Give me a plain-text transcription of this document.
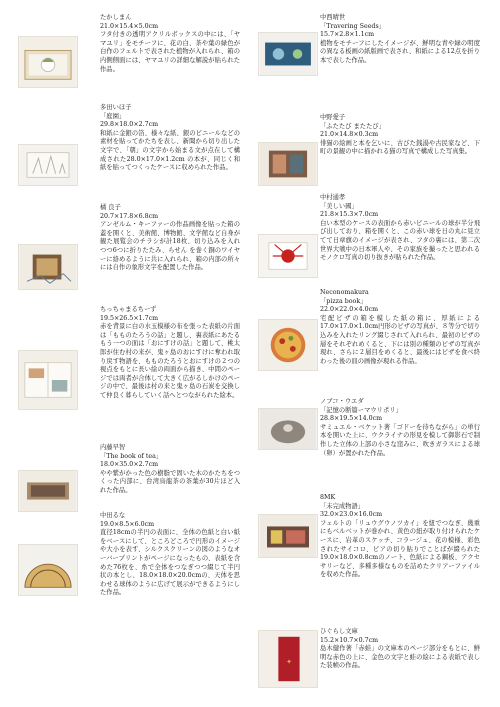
たかしまん
21.0×15.4×5.0cm
フタ付きの透明アクリルボックスの中には、「ヤマユリ」をモチーフに、花の白、茶や葉の緑色が白作のフェルトで表された植物が入れられ、箱の内側側面には、ヤマユリの詳細な解説が貼られた作品。
多田いほ子
「庭園」
29.8×18.0×2.7cm
和紙に金銀の箔、様々な紙、銀のビニールなどの素材を貼ってかたちを表し、新聞から切り出した文字で、「朝」の文字から始まる文が点在して構成された28.0×17.0×1.2cm の本が、同じく和紙を貼ってつくったケースに収められた作品。
橘 良子
20.7×17.8×6.8cm
アンゼルム・キーファーの作品画像を貼った箱の蓋を開くと、美術館、博物館、文学館など自身が観た展覧会のチラシが計18枚、切り込みを入れつつ6つに折りたたみ、らせん を巻く銅のワイヤーに絡めるように共に入れられ、箱の内部の所々には自作の象形文字を配置した作品。
ちっちゃまるちーず
19.5×26.5×1.7cm
赤を背景に白の水玉模様の布を張った表紙の片面は「もものたろうの話」と題し、裏表紙にあたるもう一つの面は「おにすけの話」と題して、桃太郎が住む村の来が、鬼ヶ島のおにすけに奪われ取り戻す物語を、もものたろうとおにすけの２つの視点をもとに長い絵の両面から描き、中間のページでは両者が合体して大きく広がるしかけのページの中で、最後は村の来と鬼ヶ島の石炭を交換して仲良く暮らしていく話へとつながられた絵本。
内藤早智
「The book of tea」
18.0×35.0×2.7cm
やや紫がかった色の樹脂で固いた木のかたちをつくった内部に、台湾烏龍茶の茶葉が30片ほど入れた作品。
中田るな
19.0×8.5×6.0cm
直径18cmの半円の表面に、全体の色紙と白い紙をベースにして、ところどころで円形のイメージや大小を表す、シルクスクリーンの図のようなオーバープリントがページになったもの、表紙を含めた76枚を、糸で全体をつなぎつつ綴じて半円状の本とし、18.0×18.0×20.0cmの、天体を思わせる球体のように広げて展示ができるようにした作品。
中西晴世
「Travering Seeds」
15.7×2.8×1.1cm
植物をモチーフにしたイメージが、鮮明な青や緑の明度の異なる板画の紙版画で表され、和紙による12点を折り本で表した作品。
中野愛子
「ふたたび またたび」
21.0×14.8×0.3cm
俳猫の絵画と本を乞いに、古びた銭湯や古民家など、下町の景観の中に描かれる猫の写真で構成した写真集。
中村通孝
「美しい國」
21.8×15.3×7.0cm
白い本型のケースの表面から赤いビニールの球が半分飛び出しており、箱を開くと、この赤い球を日の丸に見立てて日章旗のイメージが表され、フタの裏には、第二次世界大戦中の日本軍人や、その家族を撮ったと思われるモノクロ写真の切り抜きが貼られた作品。
Neconomakura
「pizza book」
22.0×22.0×4.0cm
宅配ピザの箱を模した紙の箱に、厚紙による17.0×17.0×1.0cm円形のピザの写真が、８等分で切り込みを入れたリング綴じされて入れられ、最初のピザの層をそれぞれめくると、下には別の種類のピザの写真が現れ、さらに２層目をめくると、最後にはピザを食べ終わった後の皿の画像が現れる作品。
ノブコ・ウエダ
「記憶の断篇ーマウリポリ」
28.8×19.5×14.0cm
サミュエル・ベケット著「ゴドーを待ちながら」の単行本を開いた上に、ウクライナの形見を模して御影石で制作した立体の上部の小さな窪みに、吹きガラスによる球（卵）が置かれた作品。
8MK
「未完成物語」
32.0×23.0×16.0cm
フェルトの「リュウグウノツカイ」を紐でつなぎ、幾重にもベルベットが巻かれ、黄色の紐が取り付けられたケースに、岩革のスケッチ、コラージュ、花の模様、彩色されたサイコロ、ピアの切り貼りでことばが綴られた19.0×18.0×0.8cmのノート、色紙による鋼板、アクセサリーなど、多種多様なものを詰めたクリアーファイルを収めた作品。
✦
ひぐらし文庫
15.2×10.7×0.7cm
島木健作著「赤蛙」の文庫本のページ部分をもとに、鮮明な赤色の上に、金色の文字と蛙の絵による表紙で表した装帧の作品。
